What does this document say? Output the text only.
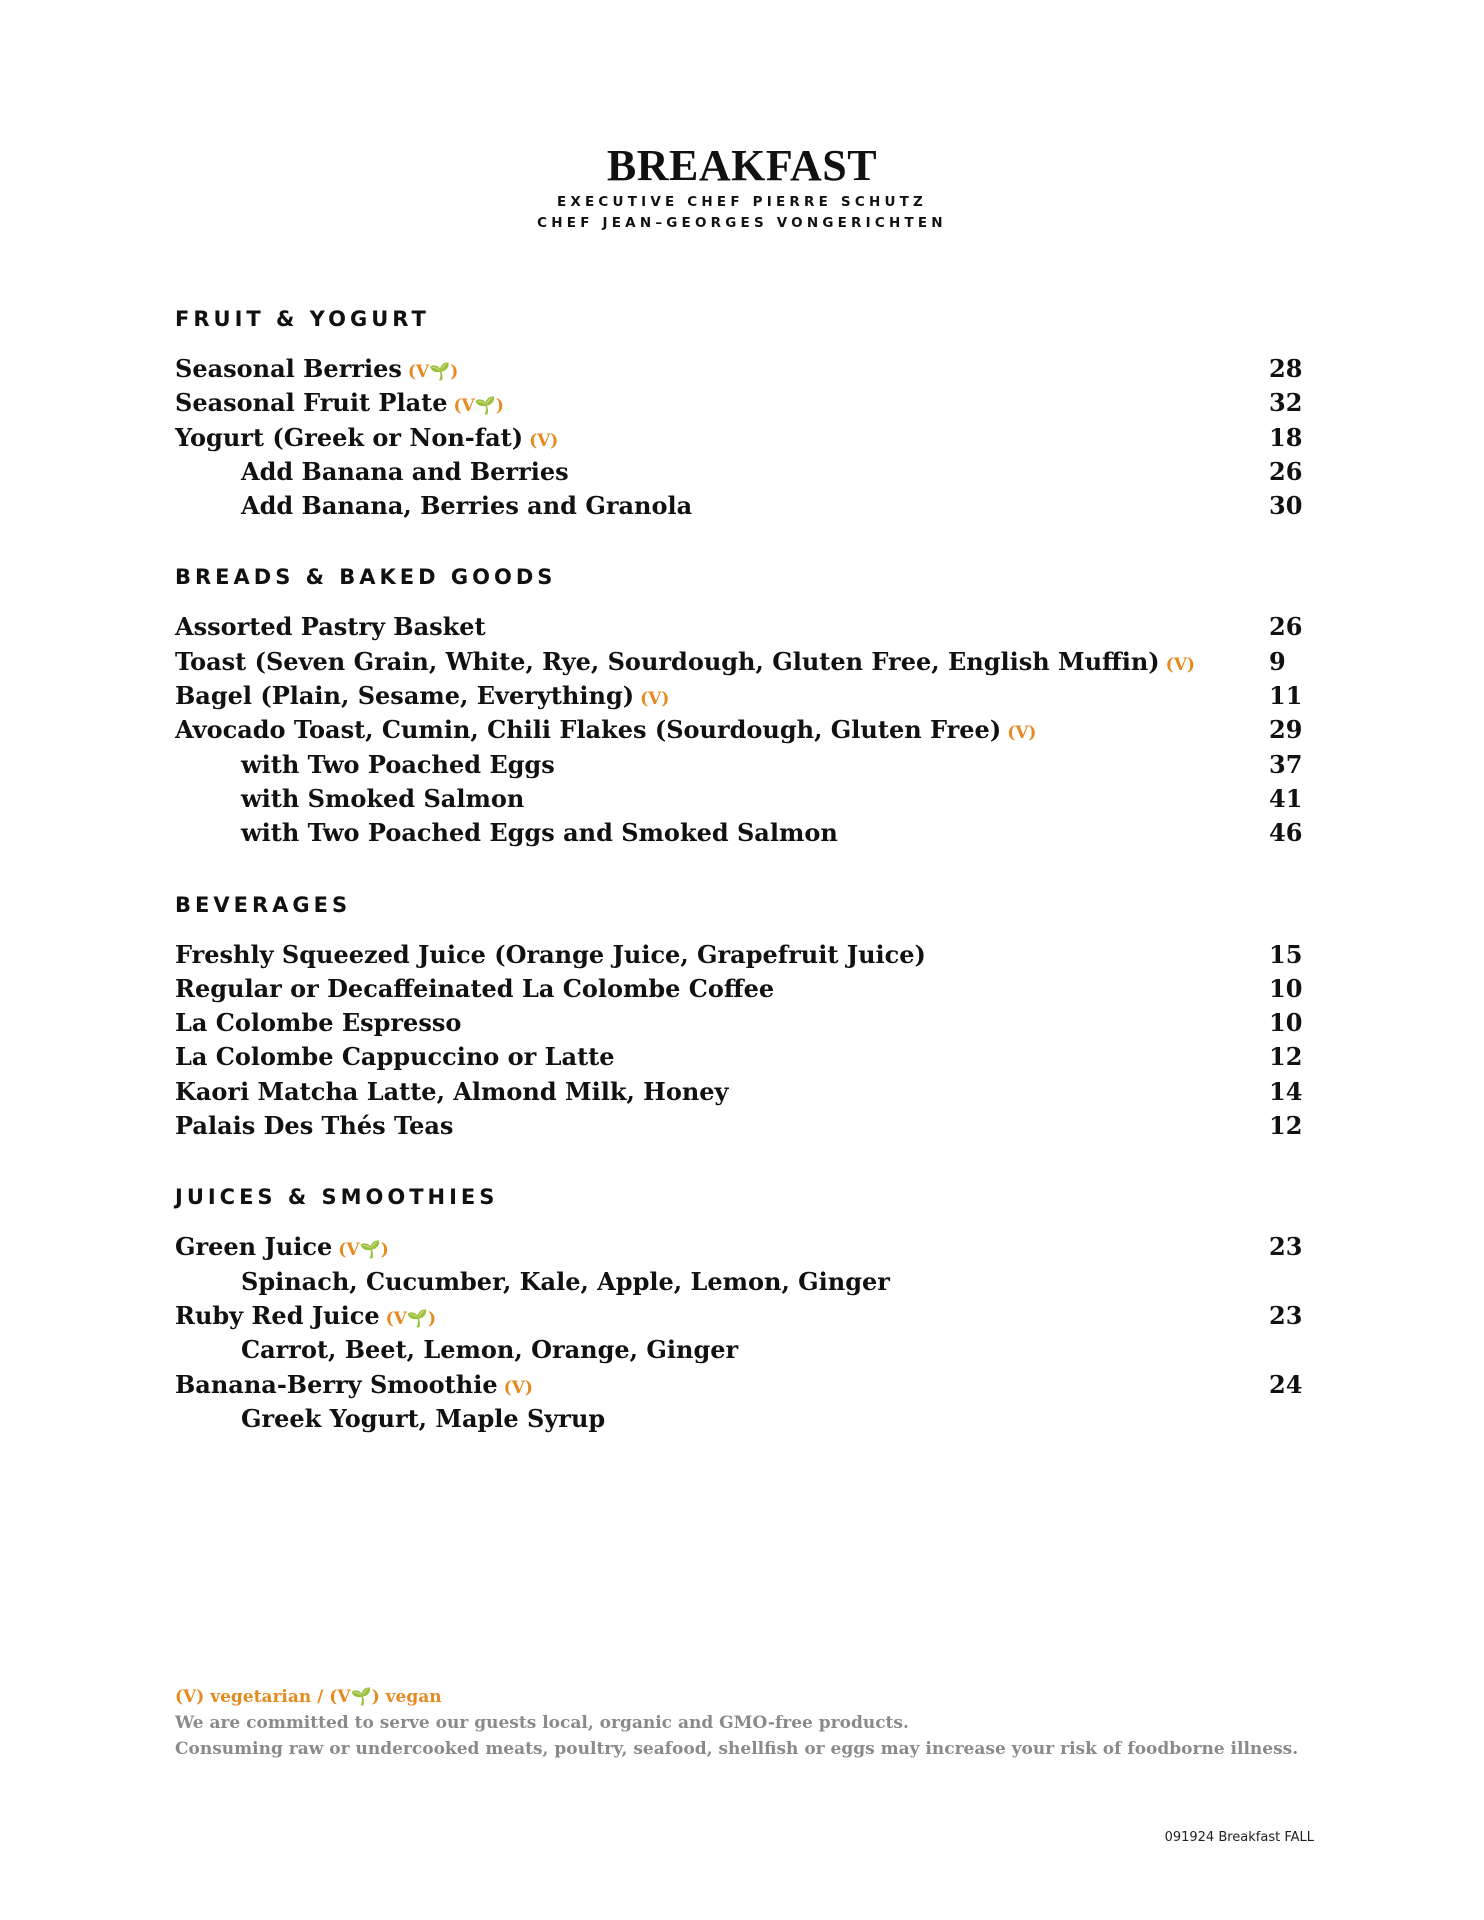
BREAKFAST
EXECUTIVE CHEF PIERRE SCHUTZ
CHEF JEAN–GEORGES VONGERICHTEN
FRUIT & YOGURT
Seasonal Berries (V🌱)	28
Seasonal Fruit Plate (V🌱)	32
Yogurt (Greek or Non-fat) (V)	18
Add Banana and Berries	26
Add Banana, Berries and Granola	30
BREADS & BAKED GOODS
Assorted Pastry Basket	26
Toast (Seven Grain, White, Rye, Sourdough, Gluten Free, English Muffin) (V)	9
Bagel (Plain, Sesame, Everything) (V)	11
Avocado Toast, Cumin, Chili Flakes (Sourdough, Gluten Free) (V)	29
with Two Poached Eggs	37
with Smoked Salmon	41
with Two Poached Eggs and Smoked Salmon	46
BEVERAGES
Freshly Squeezed Juice (Orange Juice, Grapefruit Juice)	15
Regular or Decaffeinated La Colombe Coffee	10
La Colombe Espresso	10
La Colombe Cappuccino or Latte	12
Kaori Matcha Latte, Almond Milk, Honey	14
Palais Des Thés Teas	12
JUICES & SMOOTHIES
Green Juice (V🌱)	23
Spinach, Cucumber, Kale, Apple, Lemon, Ginger
Ruby Red Juice (V🌱)	23
Carrot, Beet, Lemon, Orange, Ginger
Banana-Berry Smoothie (V)	24
Greek Yogurt, Maple Syrup
(V) vegetarian / (V🌱) vegan
We are committed to serve our guests local, organic and GMO-free products.
Consuming raw or undercooked meats, poultry, seafood, shellfish or eggs may increase your risk of foodborne illness.
091924 Breakfast FALL
